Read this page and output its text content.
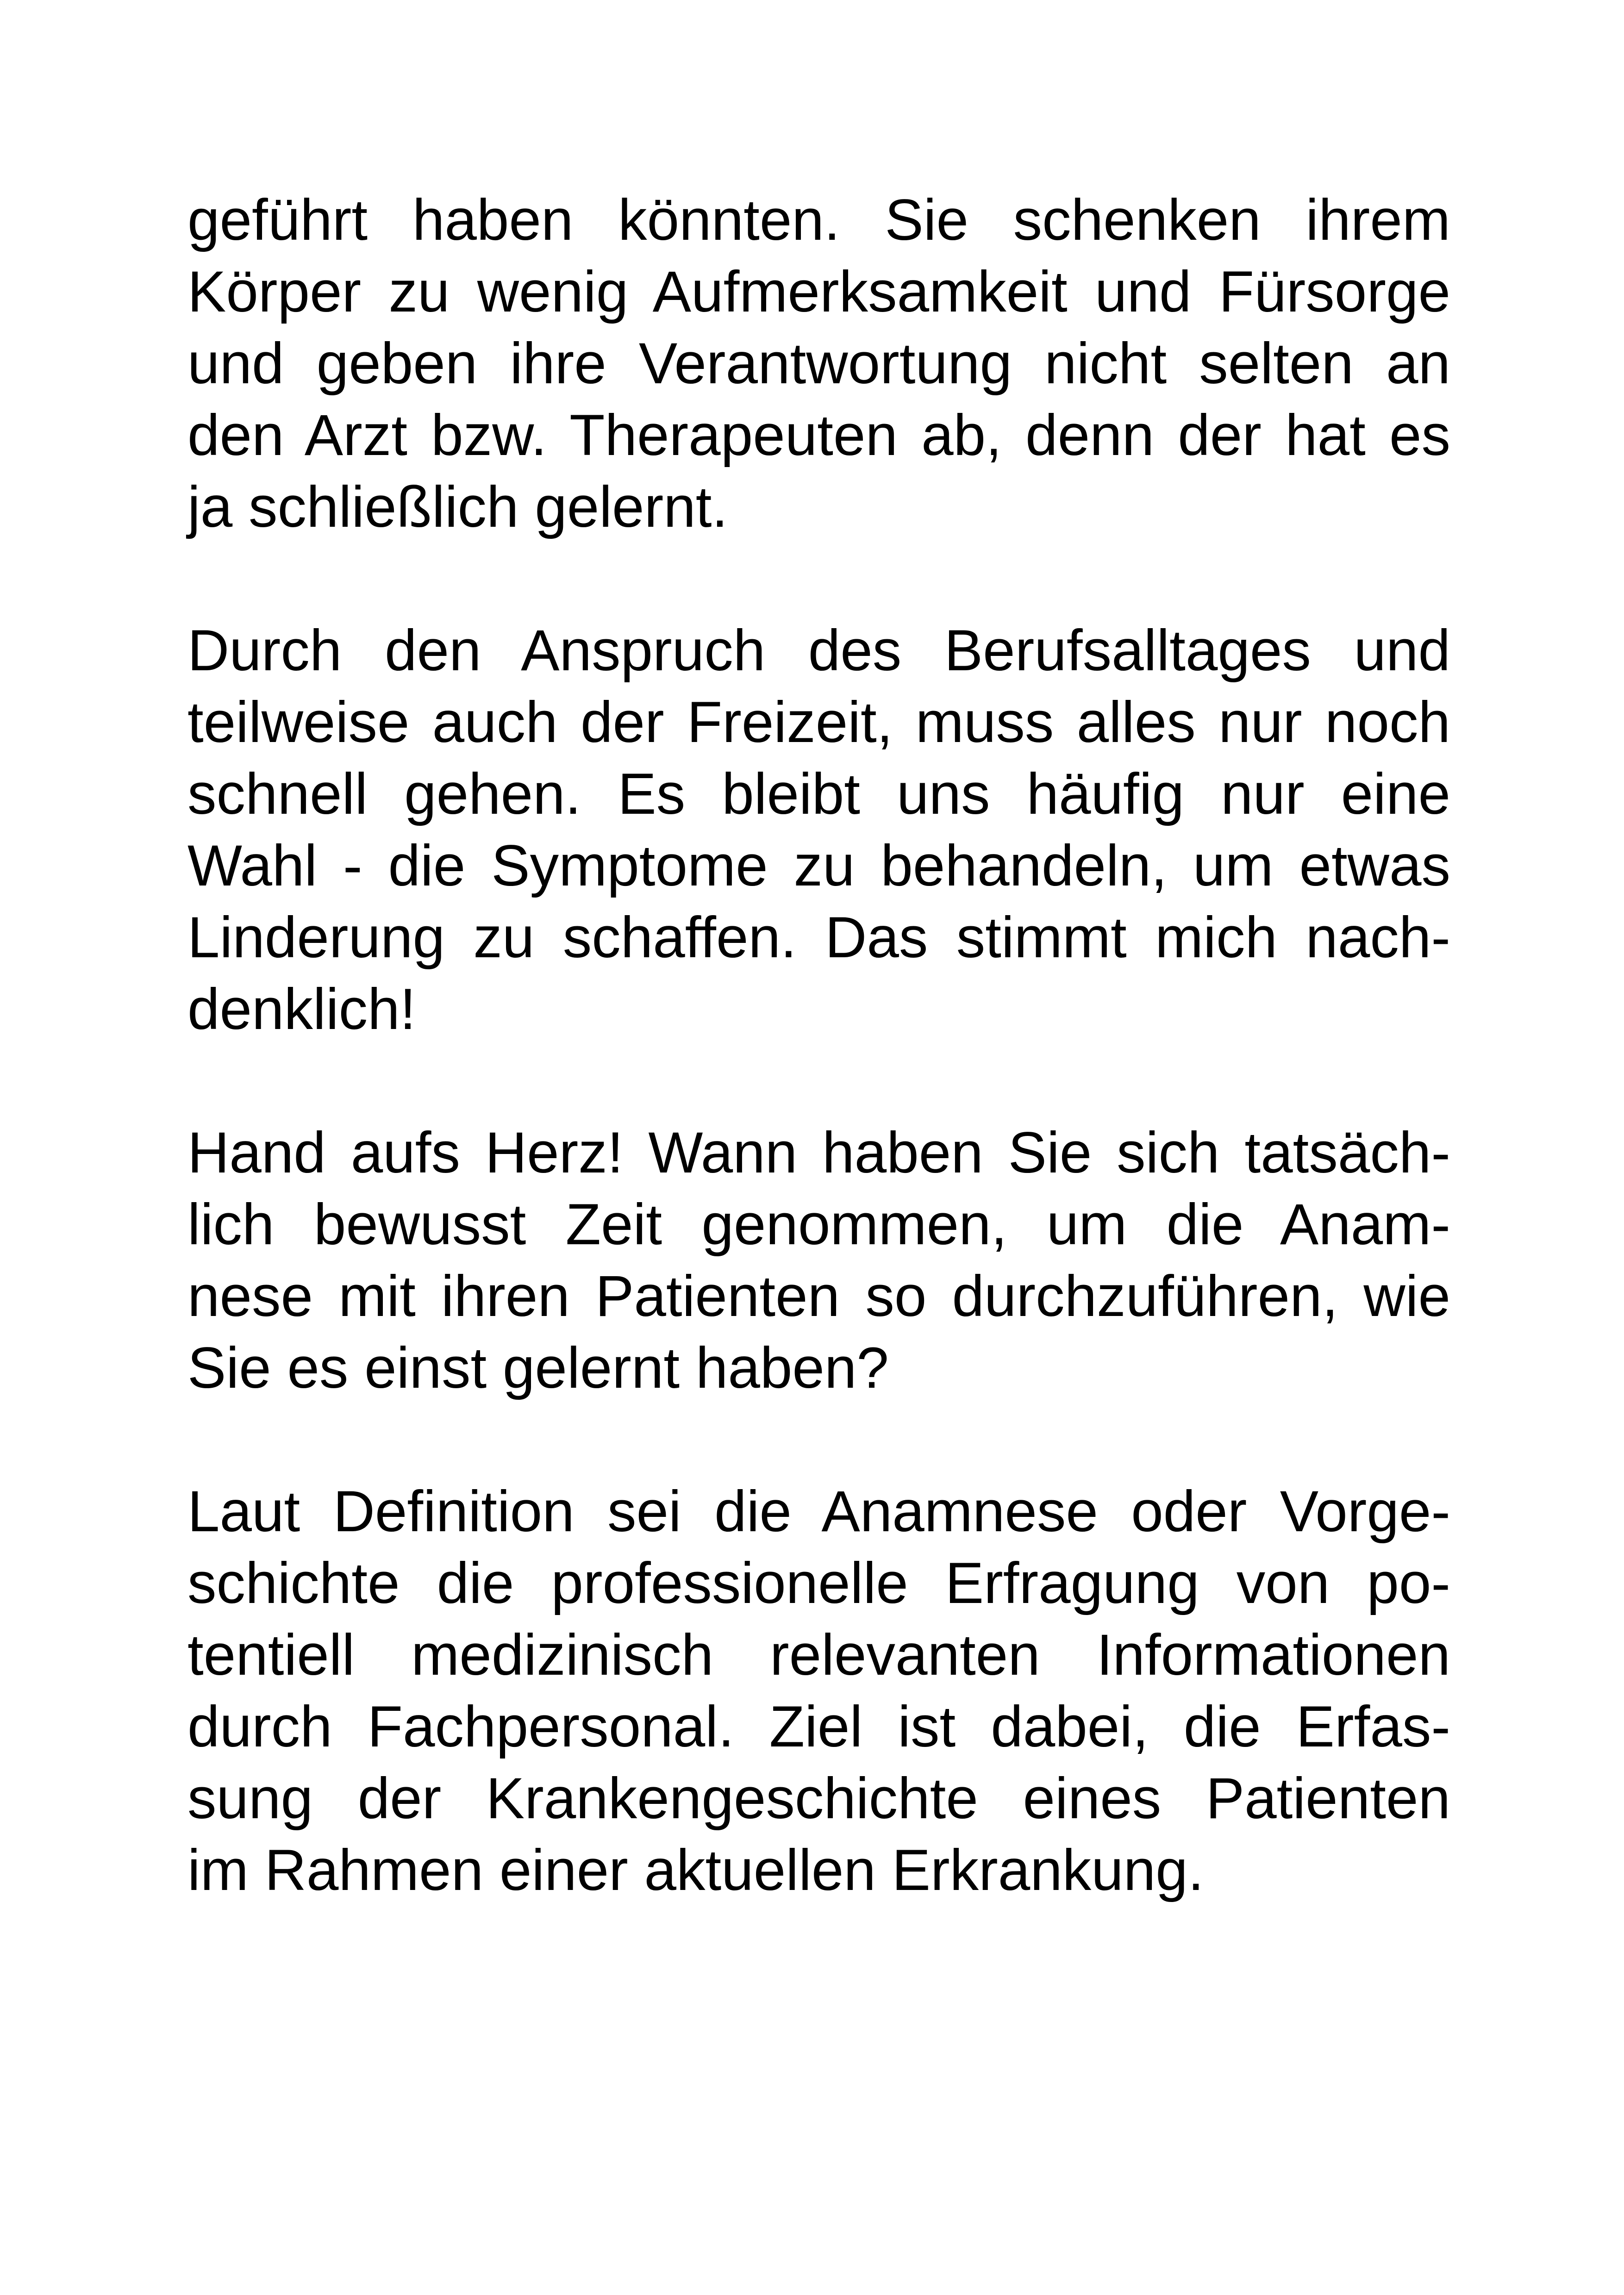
geführt haben könnten. Sie schenken ihrem
Körper zu wenig Aufmerksamkeit und Fürsorge
und geben ihre Verantwortung nicht selten an
den Arzt bzw. Therapeuten ab, denn der hat es
ja schließlich gelernt.
Durch den Anspruch des Berufsalltages und
teilweise auch der Freizeit, muss alles nur noch
schnell gehen. Es bleibt uns häufig nur eine
Wahl - die Symptome zu behandeln, um etwas
Linderung zu schaffen. Das stimmt mich nach-
denklich!
Hand aufs Herz! Wann haben Sie sich tatsäch-
lich bewusst Zeit genommen, um die Anam-
nese mit ihren Patienten so durchzuführen, wie
Sie es einst gelernt haben?
Laut Definition sei die Anamnese oder Vorge-
schichte die professionelle Erfragung von po-
tentiell medizinisch relevanten Informationen
durch Fachpersonal. Ziel ist dabei, die Erfas-
sung der Krankengeschichte eines Patienten
im Rahmen einer aktuellen Erkrankung.
